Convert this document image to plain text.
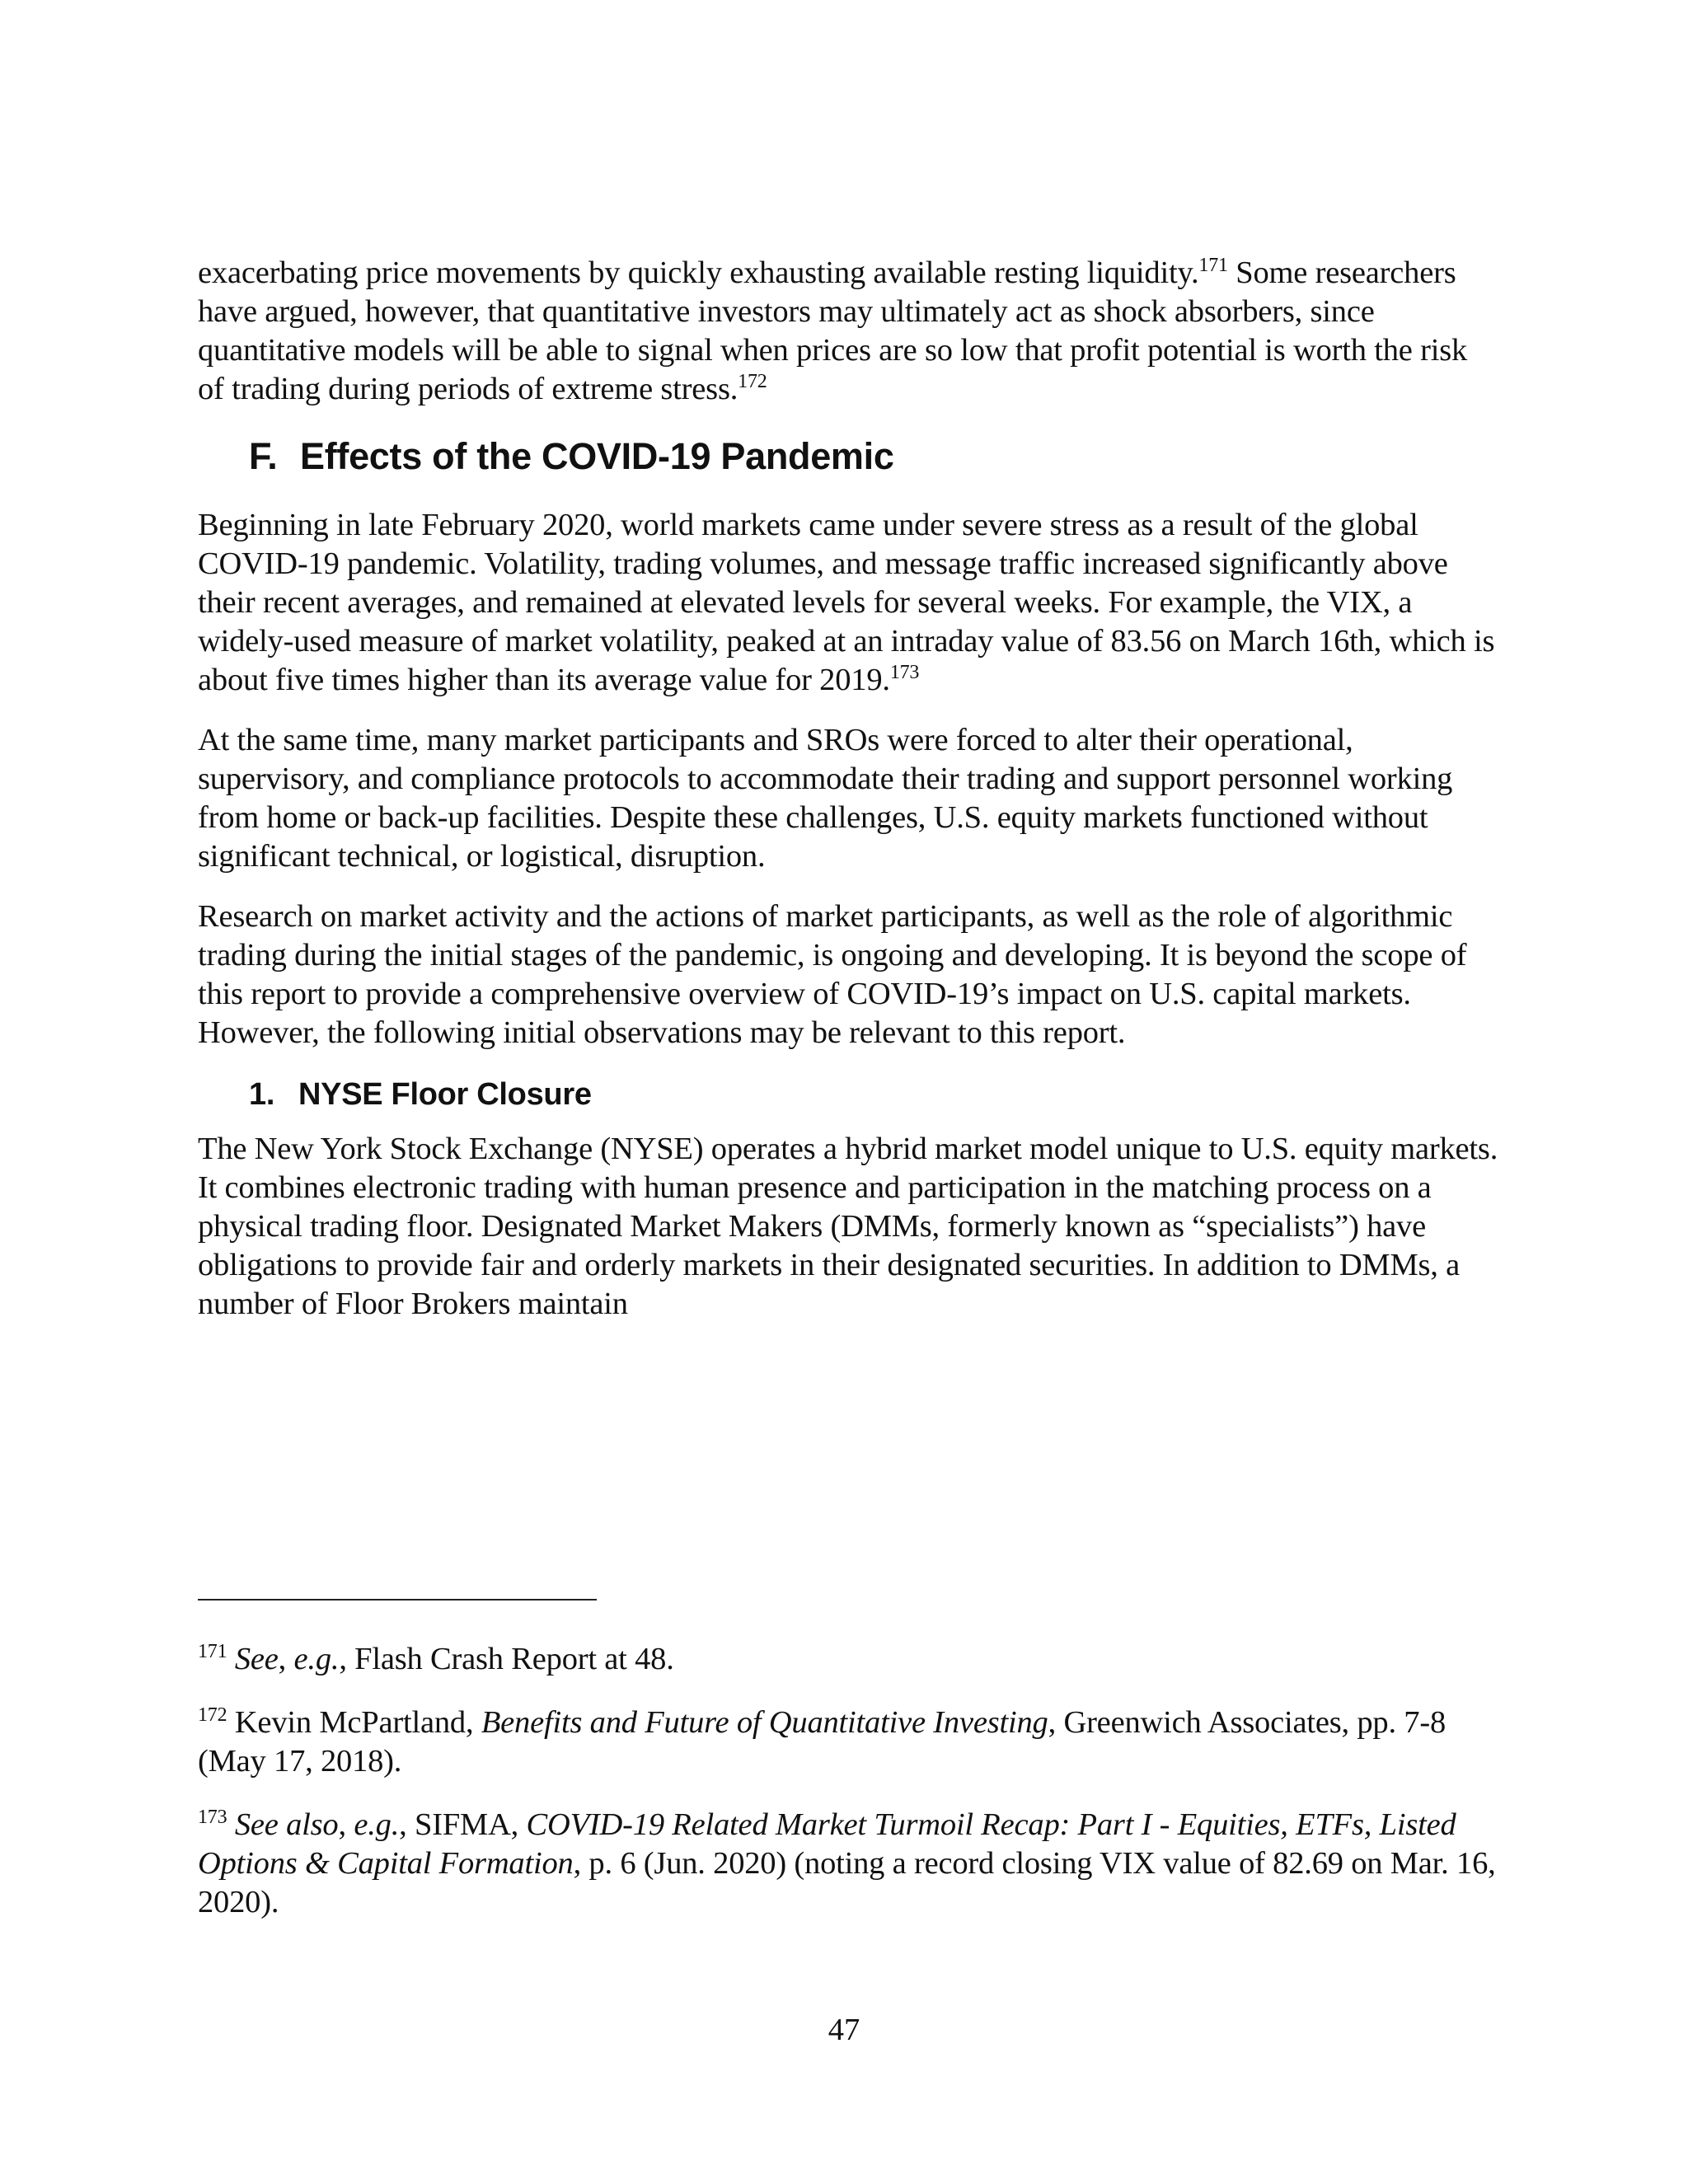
exacerbating price movements by quickly exhausting available resting liquidity.$^{171}$ Some researchers have argued, however, that quantitative investors may ultimately act as shock absorbers, since quantitative models will be able to signal when prices are so low that profit potential is worth the risk of trading during periods of extreme stress.$^{172}$

F. Effects of the COVID-19 Pandemic

Beginning in late February 2020, world markets came under severe stress as a result of the global COVID-19 pandemic. Volatility, trading volumes, and message traffic increased significantly above their recent averages, and remained at elevated levels for several weeks. For example, the VIX, a widely-used measure of market volatility, peaked at an intraday value of 83.56 on March 16th, which is about five times higher than its average value for 2019.$^{173}$

At the same time, many market participants and SROs were forced to alter their operational, supervisory, and compliance protocols to accommodate their trading and support personnel working from home or back-up facilities. Despite these challenges, U.S. equity markets functioned without significant technical, or logistical, disruption.

Research on market activity and the actions of market participants, as well as the role of algorithmic trading during the initial stages of the pandemic, is ongoing and developing. It is beyond the scope of this report to provide a comprehensive overview of COVID-19’s impact on U.S. capital markets. However, the following initial observations may be relevant to this report.

1. NYSE Floor Closure

The New York Stock Exchange (NYSE) operates a hybrid market model unique to U.S. equity markets. It combines electronic trading with human presence and participation in the matching process on a physical trading floor. Designated Market Makers (DMMs, formerly known as “specialists”) have obligations to provide fair and orderly markets in their designated securities. In addition to DMMs, a number of Floor Brokers maintain

$^{171}$ See, e.g., Flash Crash Report at 48.

$^{172}$ Kevin McPartland, Benefits and Future of Quantitative Investing, Greenwich Associates, pp. 7-8 (May 17, 2018).

$^{173}$ See also, e.g., SIFMA, COVID-19 Related Market Turmoil Recap: Part I - Equities, ETFs, Listed Options & Capital Formation, p. 6 (Jun. 2020) (noting a record closing VIX value of 82.69 on Mar. 16, 2020).

47
